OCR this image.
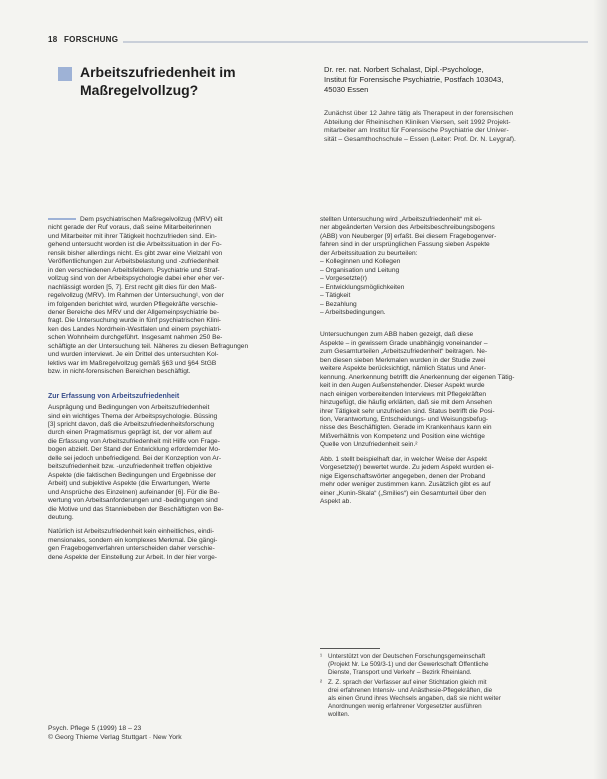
18 FORSCHUNG
Arbeitszufriedenheit im
Maßregelvollzug?
Dr. rer. nat. Norbert Schalast, Dipl.-Psychologe,
Institut für Forensische Psychiatrie, Postfach 103043,
45030 Essen
Zunächst über 12 Jahre tätig als Therapeut in der forensischen
Abteilung der Rheinischen Kliniken Viersen, seit 1992 Projekt-
mitarbeiter am Institut für Forensische Psychiatrie der Univer-
sität – Gesamthochschule – Essen (Leiter: Prof. Dr. N. Leygraf).
Dem psychiatrischen Maßregelvollzug (MRV) eilt
nicht gerade der Ruf voraus, daß seine Mitarbeiterinnen
und Mitarbeiter mit ihrer Tätigkeit hochzufrieden sind. Ein-
gehend untersucht worden ist die Arbeitssituation in der Fo-
rensik bisher allerdings nicht. Es gibt zwar eine Vielzahl von
Veröffentlichungen zur Arbeitsbelastung und -zufriedenheit
in den verschiedenen Arbeitsfeldern. Psychiatrie und Straf-
vollzug sind von der Arbeitspsychologie dabei eher eher ver-
nachlässigt worden [5, 7]. Erst recht gilt dies für den Maß-
regelvollzug (MRV). Im Rahmen der Untersuchung¹, von der
im folgenden berichtet wird, wurden Pflegekräfte verschie-
dener Bereiche des MRV und der Allgemeinpsychiatrie be-
fragt. Die Untersuchung wurde in fünf psychiatrischen Klini-
ken des Landes Nordrhein-Westfalen und einem psychiatri-
schen Wohnheim durchgeführt. Insgesamt nahmen 250 Be-
schäftigte an der Untersuchung teil. Näheres zu diesen Befragungen
und wurden interviewt. Je ein Drittel des untersuchten Kol-
lektivs war im Maßregelvollzug gemäß §63 und §64 StGB
bzw. in nicht-forensischen Bereichen beschäftigt.
Zur Erfassung von Arbeitszufriedenheit
Ausprägung und Bedingungen von Arbeitszufriedenheit
sind ein wichtiges Thema der Arbeitspsychologie. Büssing
[3] spricht davon, daß die Arbeitszufriedenheitsforschung
durch einen Pragmatismus geprägt ist, der vor allem auf
die Erfassung von Arbeitszufriedenheit mit Hilfe von Frage-
bogen abzielt. Der Stand der Entwicklung erfordernder Mo-
delle sei jedoch unbefriedigend. Bei der Konzeption von Ar-
beitszufriedenheit bzw. -unzufriedenheit treffen objektive
Aspekte (die faktischen Bedingungen und Ergebnisse der
Arbeit) und subjektive Aspekte (die Erwartungen, Werte
und Ansprüche des Einzelnen) aufeinander [6]. Für die Be-
wertung von Arbeitsanforderungen und -bedingungen sind
die Motive und das Stanniebeben der Beschäftigten von Be-
deutung.
Natürlich ist Arbeitszufriedenheit kein einheitliches, eindi-
mensionales, sondern ein komplexes Merkmal. Die gängi-
gen Fragebogenverfahren unterscheiden daher verschie-
dene Aspekte der Einstellung zur Arbeit. In der hier vorge-
stellten Untersuchung wird „Arbeitszufriedenheit“ mit ei-
ner abgeänderten Version des Arbeitsbeschreibungsbogens
(ABB) von Neuberger [9] erfaßt. Bei diesem Fragebogenver-
fahren sind in der ursprünglichen Fassung sieben Aspekte
der Arbeitssituation zu beurteilen:
– Kolleginnen und Kollegen
– Organisation und Leitung
– Vorgesetzte(r)
– Entwicklungsmöglichkeiten
– Tätigkeit
– Bezahlung
– Arbeitsbedingungen.
Untersuchungen zum ABB haben gezeigt, daß diese
Aspekte – in gewissem Grade unabhängig voneinander –
zum Gesamturteilen „Arbeitszufriedenheit“ beitragen. Ne-
ben diesen sieben Merkmalen wurden in der Studie zwei
weitere Aspekte berücksichtigt, nämlich Status und Aner-
kennung. Anerkennung betrifft die Anerkennung der eigenen Tätig-
keit in den Augen Außenstehender. Dieser Aspekt wurde
nach einigen vorbereitenden Interviews mit Pflegekräften
hinzugefügt, die häufig erklärten, daß sie mit dem Ansehen
ihrer Tätigkeit sehr unzufrieden sind. Status betrifft die Posi-
tion, Verantwortung, Entscheidungs- und Weisungsbefug-
nisse des Beschäftigten. Gerade im Krankenhaus kann ein
Mißverhältnis von Kompetenz und Position eine wichtige
Quelle von Unzufriedenheit sein.²
Abb. 1 stellt beispielhaft dar, in welcher Weise der Aspekt
Vorgesetzte(r) bewertet wurde. Zu jedem Aspekt wurden ei-
nige Eigenschaftswörter angegeben, denen der Proband
mehr oder weniger zustimmen kann. Zusätzlich gibt es auf
einer „Kunin-Skala“ („Smilies“) ein Gesamturteil über den
Aspekt ab.
¹ Unterstützt von der Deutschen Forschungsgemeinschaft
(Projekt Nr. Le 509/3-1) und der Gewerkschaft Öffentliche
Dienste, Transport und Verkehr – Bezirk Rheinland.
² Z. Z. sprach der Verfasser auf einer Stichtation gleich mit
drei erfahrenen Intensiv- und Anästhesie-Pflegekräften, die
als einen Grund ihres Wechsels angaben, daß sie nicht weiter
Anordnungen wenig erfahrener Vorgesetzter ausführen
wollten.
Psych. Pflege 5 (1999) 18 – 23
© Georg Thieme Verlag Stuttgart · New York
